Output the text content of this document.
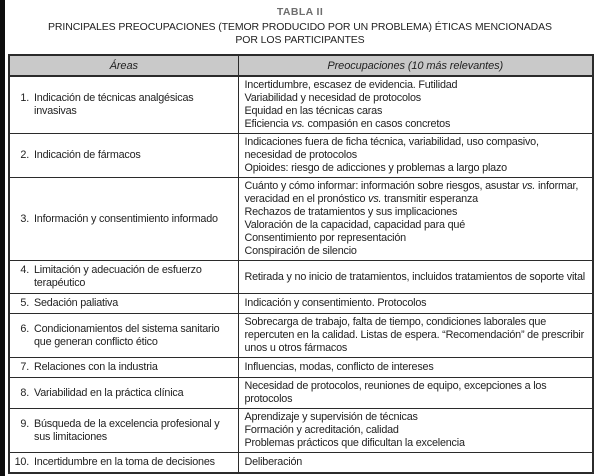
TABLA II
PRINCIPALES PREOCUPACIONES (TEMOR PRODUCIDO POR UN PROBLEMA) ÉTICAS MENCIONADAS
POR LOS PARTICIPANTES
Áreas	Preocupaciones (10 más relevantes)
1. Indicación de técnicas analgésicas invasivas	Incertidumbre, escasez de evidencia. Futilidad
Variabilidad y necesidad de protocolos
Equidad en las técnicas caras
Eficiencia vs. compasión en casos concretos

2. Indicación de fármacos	Indicaciones fuera de ficha técnica, variabilidad, uso compasivo, necesidad de protocolos
Opioides: riesgo de adicciones y problemas a largo plazo

3. Información y consentimiento informado	Cuánto y cómo informar: información sobre riesgos, asustar vs. informar, veracidad en el pronóstico vs. transmitir esperanza
Rechazos de tratamientos y sus implicaciones
Valoración de la capacidad, capacidad para qué
Consentimiento por representación
Conspiración de silencio

4. Limitación y adecuación de esfuerzo terapéutico	Retirada y no inicio de tratamientos, incluidos tratamientos de soporte vital

5. Sedación paliativa	Indicación y consentimiento. Protocolos

6. Condicionamientos del sistema sanitario que generan conflicto ético	Sobrecarga de trabajo, falta de tiempo, condiciones laborales que repercuten en la calidad. Listas de espera. “Recomendación” de prescribir unos u otros fármacos

7. Relaciones con la industria	Influencias, modas, conflicto de intereses

8. Variabilidad en la práctica clínica	Necesidad de protocolos, reuniones de equipo, excepciones a los protocolos

9. Búsqueda de la excelencia profesional y sus limitaciones	Aprendizaje y supervisión de técnicas
Formación y acreditación, calidad
Problemas prácticos que dificultan la excelencia

10. Incertidumbre en la toma de decisiones	Deliberación
